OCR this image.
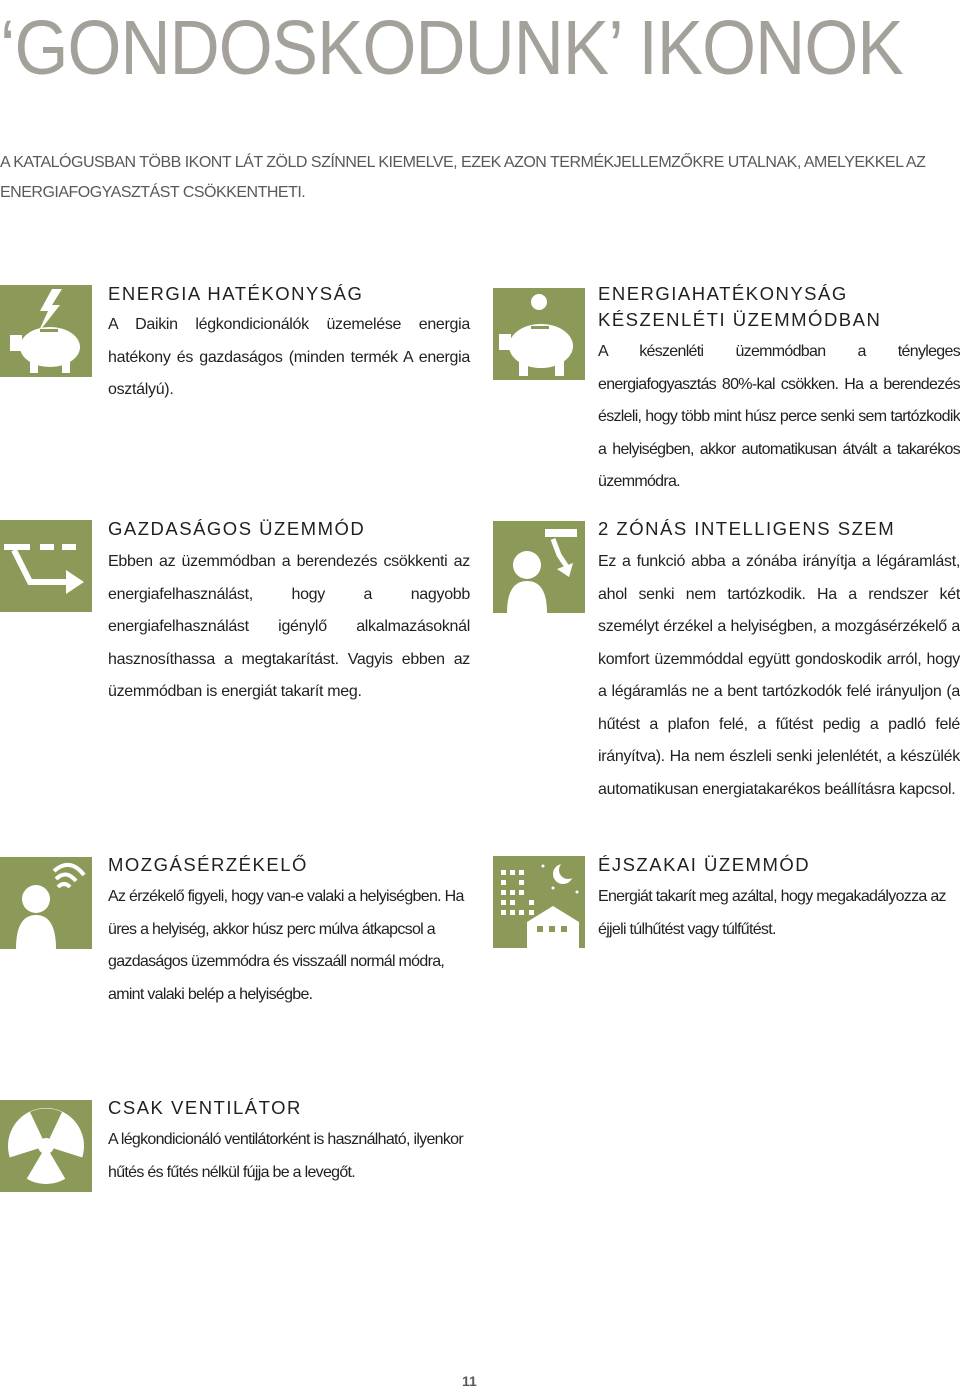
‘GONDOSKODUNK’ IKONOK
A KATALÓGUSBAN TÖBB IKONT LÁT ZÖLD SZÍNNEL KIEMELVE, EZEK AZON TERMÉKJELLEMZŐKRE UTALNAK, AMELYEKKEL AZ ENERGIAFOGYASZTÁST CSÖKKENTHETI.
ENERGIA HATÉKONYSÁG
A Daikin légkondicionálók üzemelése energia hatékony és gazdaságos (minden termék A energia osztályú).
ENERGIAHATÉKONYSÁG
KÉSZENLÉTI ÜZEMMÓDBAN
A készenléti üzemmódban a tényleges energiafogyasztás 80%-kal csökken. Ha a berendezés észleli, hogy több mint húsz perce senki sem tartózkodik a helyiségben, akkor automatikusan átvált a takarékos üzemmódra.
GAZDASÁGOS ÜZEMMÓD
Ebben az üzemmódban a berendezés csökkenti az energiafelhasználást, hogy a nagyobb energiafelhasználást igénylő alkalmazásoknál hasznosíthassa a megtakarítást. Vagyis ebben az üzemmódban is energiát takarít meg.
2 ZÓNÁS INTELLIGENS SZEM
Ez a funkció abba a zónába irányítja a légáramlást, ahol senki nem tartózkodik. Ha a rendszer két személyt érzékel a helyiségben, a mozgásérzékelő a komfort üzemmóddal együtt gondoskodik arról, hogy a légáramlás ne a bent tartózkodók felé irányuljon (a hűtést a plafon felé, a fűtést pedig a padló felé irányítva). Ha nem észleli senki jelenlétét, a készülék automatikusan energiatakarékos beállításra kapcsol.
MOZGÁSÉRZÉKELŐ
Az érzékelő figyeli, hogy van-e valaki a helyiségben. Ha üres a helyiség, akkor húsz perc múlva átkapcsol a gazdaságos üzemmódra és visszaáll normál módra, amint valaki belép a helyiségbe.
ÉJSZAKAI ÜZEMMÓD
Energiát takarít meg azáltal, hogy megakadályozza az éjjeli túlhűtést vagy túlfűtést.
CSAK VENTILÁTOR
A légkondicionáló ventilátorként is használható, ilyenkor hűtés és fűtés nélkül fújja be a levegőt.
11
